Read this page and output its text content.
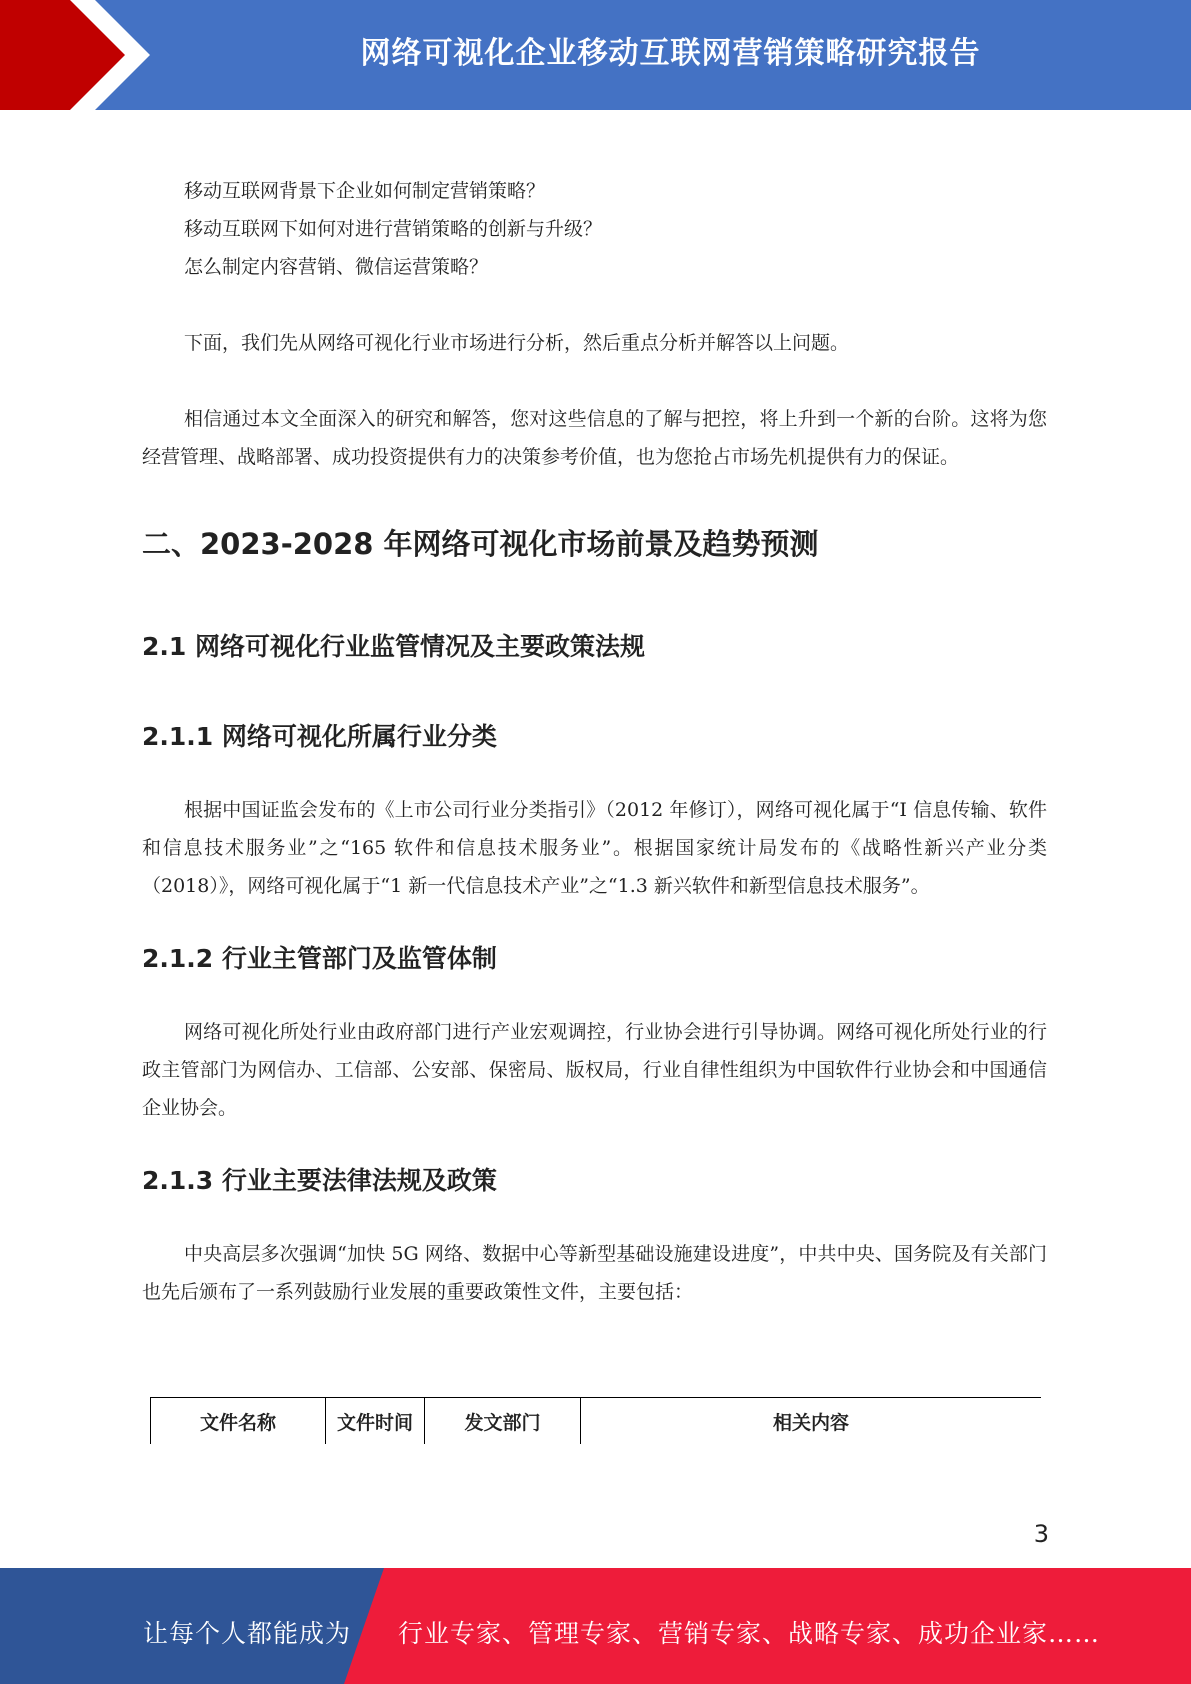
网络可视化企业移动互联网营销策略研究报告

移动互联网背景下企业如何制定营销策略？

移动互联网下如何对进行营销策略的创新与升级？

怎么制定内容营销、微信运营策略？

下面，我们先从网络可视化行业市场进行分析，然后重点分析并解答以上问题。

相信通过本文全面深入的研究和解答，您对这些信息的了解与把控，将上升到一个新的台阶。这将为您经营管理、战略部署、成功投资提供有力的决策参考价值，也为您抢占市场先机提供有力的保证。

二、2023-2028 年网络可视化市场前景及趋势预测
2.1 网络可视化行业监管情况及主要政策法规
2.1.1 网络可视化所属行业分类

根据中国证监会发布的《上市公司行业分类指引》（2012 年修订），网络可视化属于“I 信息传输、软件和信息技术服务业”之“165 软件和信息技术服务业”。根据国家统计局发布的《战略性新兴产业分类（2018）》，网络可视化属于“1 新一代信息技术产业”之“1.3 新兴软件和新型信息技术服务”。

2.1.2 行业主管部门及监管体制

网络可视化所处行业由政府部门进行产业宏观调控，行业协会进行引导协调。网络可视化所处行业的行政主管部门为网信办、工信部、公安部、保密局、版权局，行业自律性组织为中国软件行业协会和中国通信企业协会。

2.1.3 行业主要法律法规及政策

中央高层多次强调“加快 5G 网络、数据中心等新型基础设施建设进度”，中共中央、国务院及有关部门也先后颁布了一系列鼓励行业发展的重要政策性文件，主要包括：

文件名称	文件时间	发文部门	相关内容
3
让每个人都能成为 行业专家、管理专家、营销专家、战略专家、成功企业家……
